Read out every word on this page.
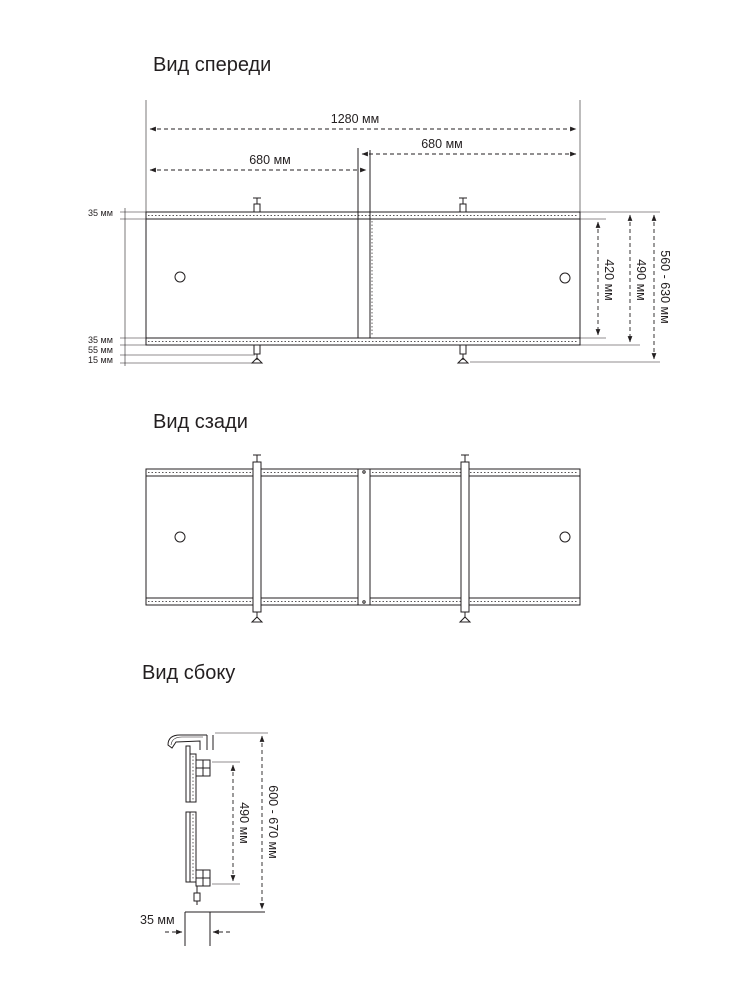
Вид спереди
1280 мм
680 мм
680 мм
35 мм
35 мм
55 мм
15 мм
420 мм 490 мм 560 - 630 мм
Вид сзади
Вид сбоку
490 мм 600 - 670 мм
35 мм
